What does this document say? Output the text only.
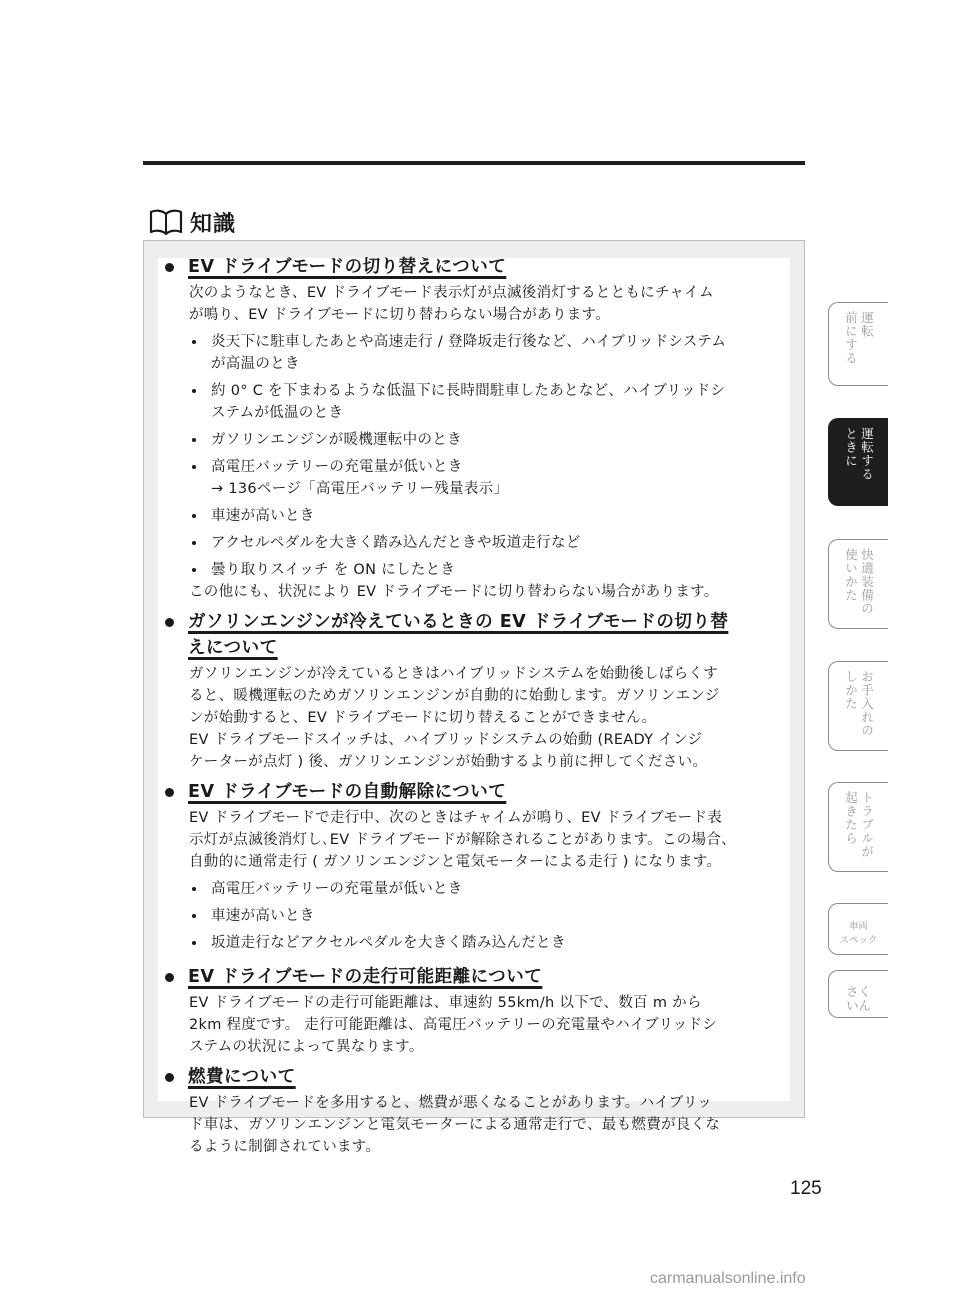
知識
EV ドライブモードの切り替えについて
次のようなとき、EV ドライブモード表示灯が点滅後消灯するとともにチャイム
が鳴り、EV ドライブモードに切り替わらない場合があります。
炎天下に駐車したあとや高速走行 / 登降坂走行後など、ハイブリッドシステム
が高温のとき
約 0° C を下まわるような低温下に長時間駐車したあとなど、ハイブリッドシ
ステムが低温のとき
ガソリンエンジンが暖機運転中のとき
高電圧バッテリーの充電量が低いとき
→ 136ページ「高電圧バッテリー残量表示」
車速が高いとき
アクセルペダルを大きく踏み込んだときや坂道走行など
曇り取りスイッチ を ON にしたとき
この他にも、状況により EV ドライブモードに切り替わらない場合があります。
ガソリンエンジンが冷えているときの EV ドライブモードの切り替
えについて
ガソリンエンジンが冷えているときはハイブリッドシステムを始動後しばらくす
ると、暖機運転のためガソリンエンジンが自動的に始動します。ガソリンエンジ
ンが始動すると、EV ドライブモードに切り替えることができません。
EV ドライブモードスイッチは、ハイブリッドシステムの始動 (READY インジ
ケーターが点灯 ) 後、ガソリンエンジンが始動するより前に押してください。
EV ドライブモードの自動解除について
EV ドライブモードで走行中、次のときはチャイムが鳴り、EV ドライブモード表
示灯が点滅後消灯し､EV ドライブモードが解除されることがあります。この場合、
自動的に通常走行 ( ガソリンエンジンと電気モーターによる走行 ) になります。
高電圧バッテリーの充電量が低いとき
車速が高いとき
坂道走行などアクセルペダルを大きく踏み込んだとき
EV ドライブモードの走行可能距離について
EV ドライブモードの走行可能距離は、車速約 55km/h 以下で、数百 m から
2km 程度です。 走行可能距離は、高電圧バッテリーの充電量やハイブリッドシ
ステムの状況によって異なります。
燃費について
EV ドライブモードを多用すると、燃費が悪くなることがあります。ハイブリッ
ド車は、ガソリンエンジンと電気モーターによる通常走行で、最も燃費が良くな
るように制御されています。
運転
前にする
運転する
ときに
快適装備の
使いかた
お手入れの
しかた
トラブルが
起きたら
車両
スペック
さく
いん
125
carmanualsonline.info
